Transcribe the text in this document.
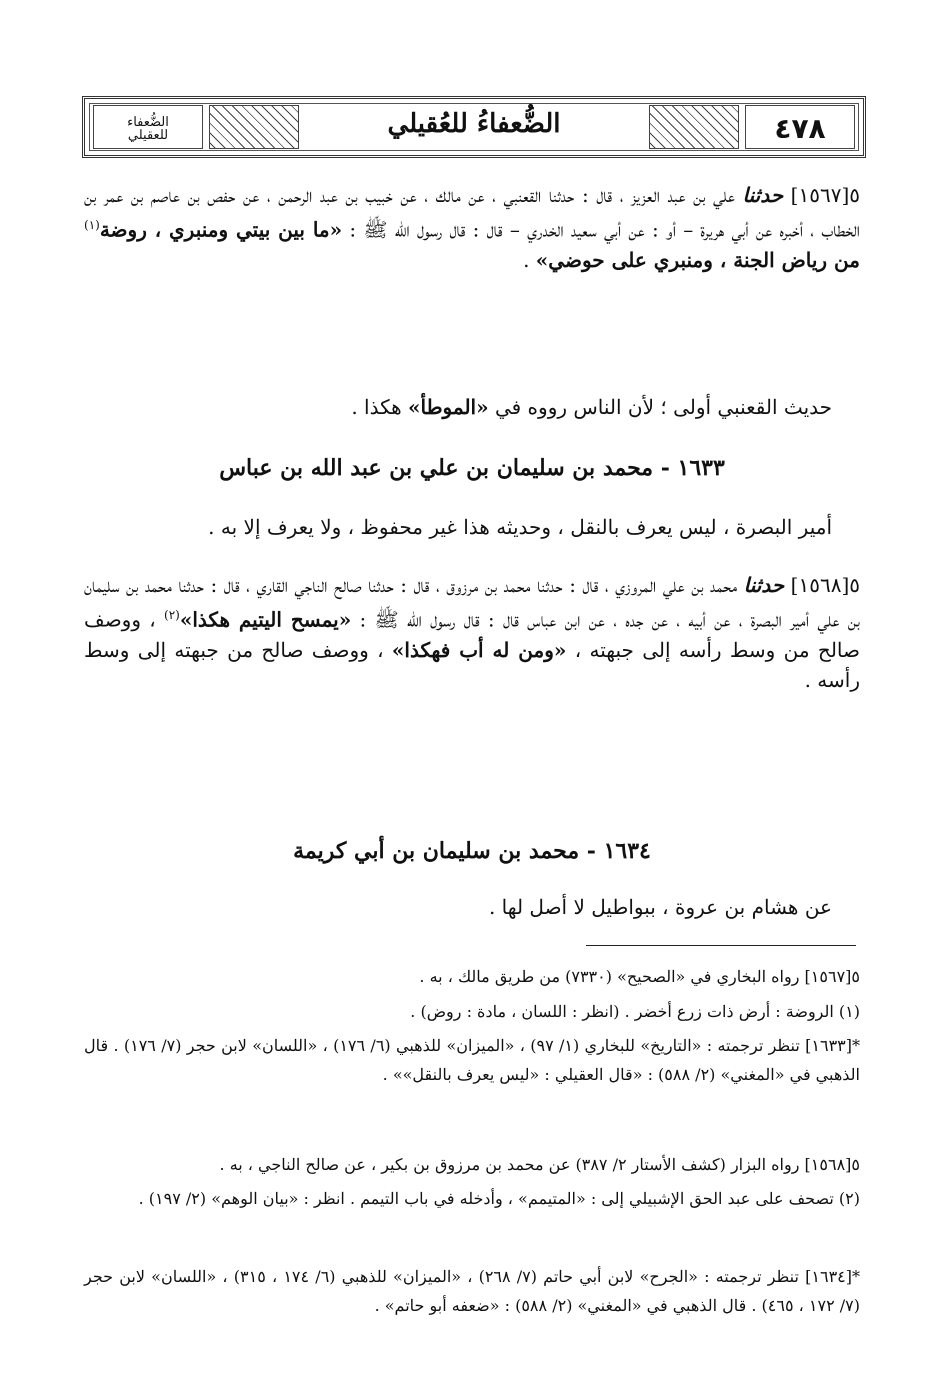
٤٧٨
الضُّعفاءُ للعُقيلي
الضُّعفاء
للعقيلي
٥[١٥٦٧] حدثنا علي بن عبد العزيز ، قال : حدثنا القعنبي ، عن مالك ، عن خبيب بن عبد الرحمن ، عن حفص بن عاصم بن عمر بن الخطاب ، أخبره عن أبي هريرة – أو : عن أبي سعيد الخدري – قال : قال رسول الله ﷺ : «ما بين بيتي ومنبري ، روضة$^{(١)}$ من رياض الجنة ، ومنبري على حوضي» .
حديث القعنبي أولى ؛ لأن الناس رووه في «الموطأ» هكذا .
١٦٣٣ - محمد بن سليمان بن علي بن عبد الله بن عباس
أمير البصرة ، ليس يعرف بالنقل ، وحديثه هذا غير محفوظ ، ولا يعرف إلا به .
٥[١٥٦٨] حدثنا محمد بن علي المروزي ، قال : حدثنا محمد بن مرزوق ، قال : حدثنا صالح الناجي القاري ، قال : حدثنا محمد بن سليمان بن علي أمير البصرة ، عن أبيه ، عن جده ، عن ابن عباس قال : قال رسول الله ﷺ : «يمسح اليتيم هكذا»$^{(٢)}$ ، ووصف صالح من وسط رأسه إلى جبهته ، «ومن له أب فهكذا» ، ووصف صالح من جبهته إلى وسط رأسه .
١٦٣٤ - محمد بن سليمان بن أبي كريمة
عن هشام بن عروة ، ببواطيل لا أصل لها .
٥[١٥٦٧] رواه البخاري في «الصحيح» (٧٣٣٠) من طريق مالك ، به .
(١) الروضة : أرض ذات زرع أخضر . (انظر : اللسان ، مادة : روض) .
*[١٦٣٣] تنظر ترجمته : «التاريخ» للبخاري (١/ ٩٧) ، «الميزان» للذهبي (٦/ ١٧٦) ، «اللسان» لابن حجر (٧/ ١٧٦) . قال الذهبي في «المغني» (٢/ ٥٨٨) : «قال العقيلي : «ليس يعرف بالنقل»» .
٥[١٥٦٨] رواه البزار (كشف الأستار ٢/ ٣٨٧) عن محمد بن مرزوق بن بكير ، عن صالح الناجي ، به .
(٢) تصحف على عبد الحق الإشبيلي إلى : «المتيمم» ، وأدخله في باب التيمم . انظر : «بيان الوهم» (٢/ ١٩٧) .
*[١٦٣٤] تنظر ترجمته : «الجرح» لابن أبي حاتم (٧/ ٢٦٨) ، «الميزان» للذهبي (٦/ ١٧٤ ، ٣١٥) ، «اللسان» لابن حجر (٧/ ١٧٢ ، ٤٦٥) . قال الذهبي في «المغني» (٢/ ٥٨٨) : «ضعفه أبو حاتم» .
